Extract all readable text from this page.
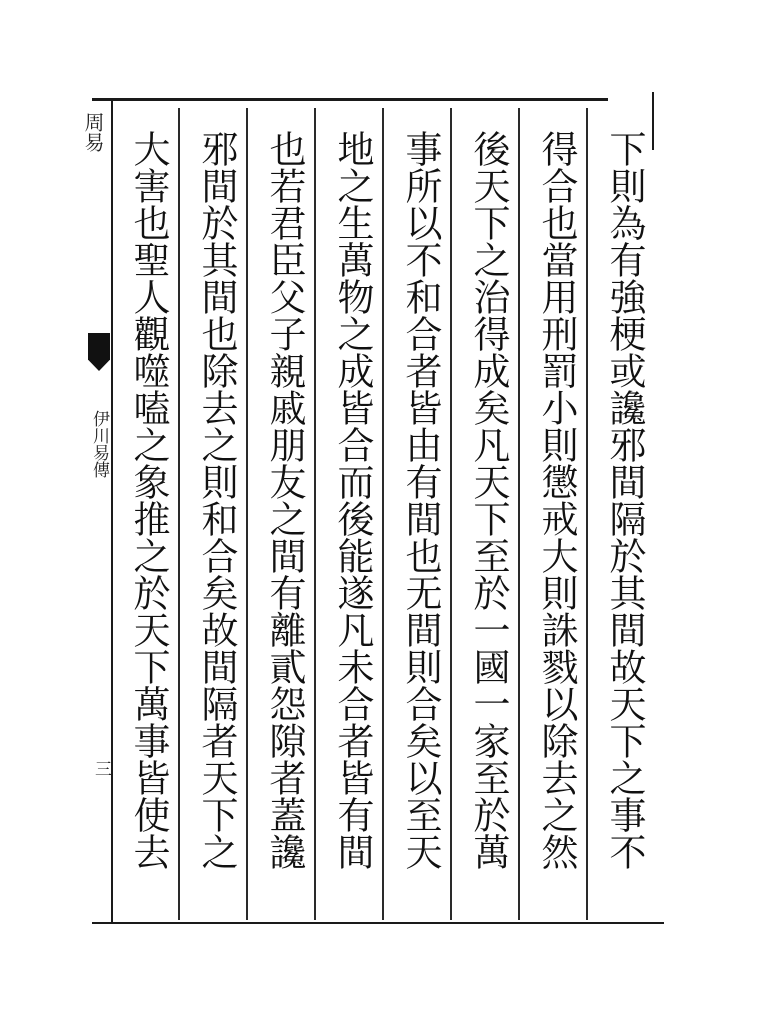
周易
伊川易傳
三	下則為有強梗或讒邪間隔於其間故天下之事不
得合也當用刑罰小則懲戒大則誅戮以除去之然
後天下之治得成矣凡天下至於一國一家至於萬
事所以不和合者皆由有間也无間則合矣以至天
地之生萬物之成皆合而後能遂凡未合者皆有間
也若君臣父子親戚朋友之間有離貳怨隙者蓋讒
邪間於其間也除去之則和合矣故間隔者天下之
大害也聖人觀噬嗑之象推之於天下萬事皆使去
